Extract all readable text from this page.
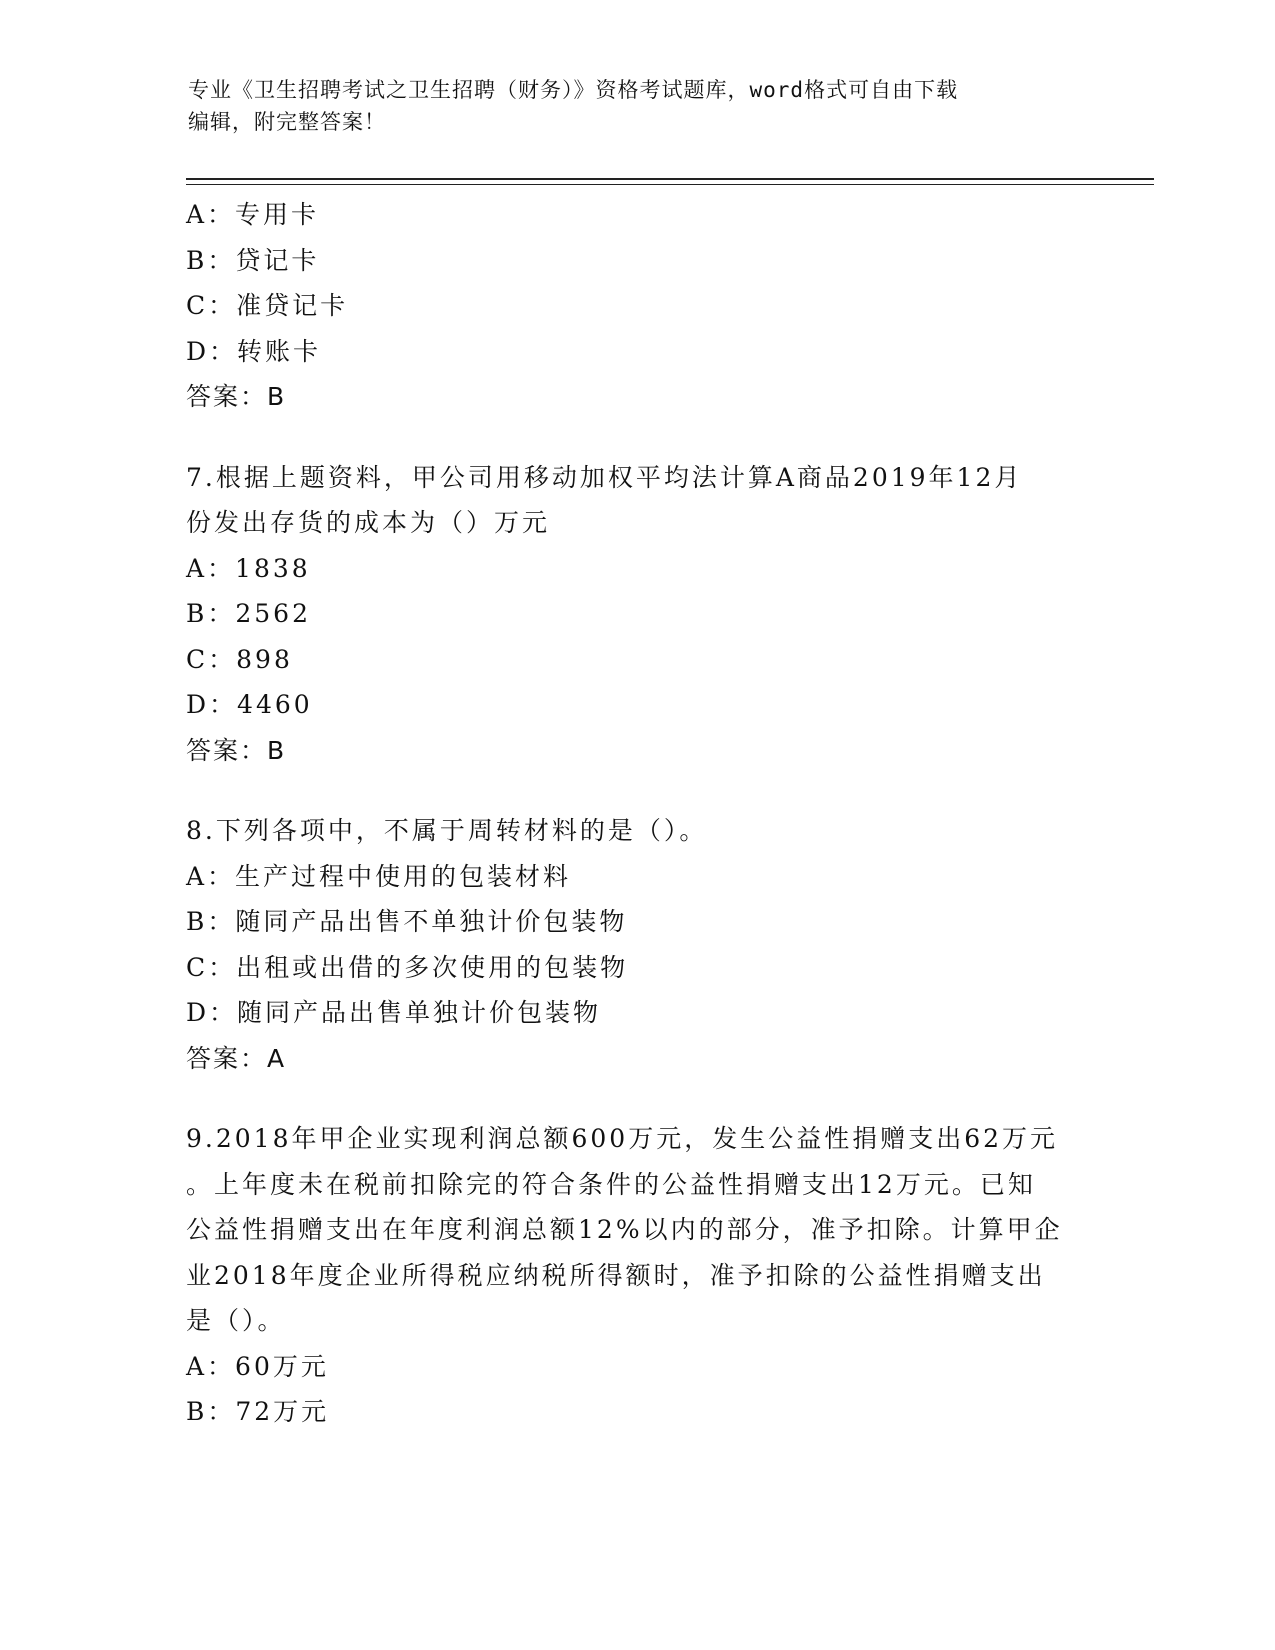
专业《卫生招聘考试之卫生招聘（财务）》资格考试题库，word格式可自由下载
编辑，附完整答案！
A：专用卡
B：贷记卡
C：准贷记卡
D：转账卡
答案：B
7.根据上题资料，甲公司用移动加权平均法计算A商品2019年12月
份发出存货的成本为（）万元
A：1838
B：2562
C：898
D：4460
答案：B
8.下列各项中，不属于周转材料的是（）。
A：生产过程中使用的包装材料
B：随同产品出售不单独计价包装物
C：出租或出借的多次使用的包装物
D：随同产品出售单独计价包装物
答案：A
9.2018年甲企业实现利润总额600万元，发生公益性捐赠支出62万元
。上年度未在税前扣除完的符合条件的公益性捐赠支出12万元。已知
公益性捐赠支出在年度利润总额12%以内的部分，准予扣除。计算甲企
业2018年度企业所得税应纳税所得额时，准予扣除的公益性捐赠支出
是（）。
A：60万元
B：72万元
